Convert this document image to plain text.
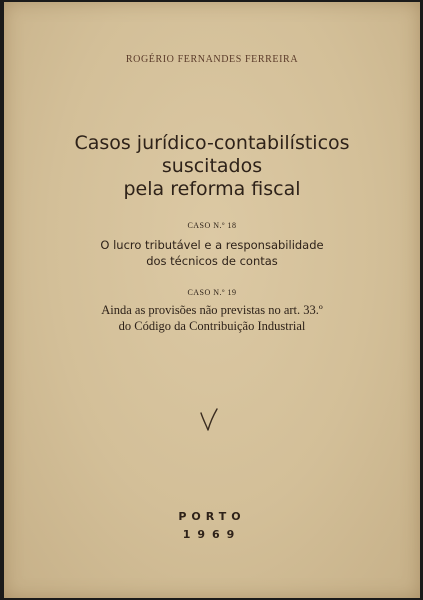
ROGÉRIO FERNANDES FERREIRA
Casos jurídico-contabilísticos
suscitados
pela reforma fiscal
CASO N.º 18
O lucro tributável e a responsabilidade
dos técnicos de contas
CASO N.º 19
Ainda as provisões não previstas no art. 33.º
do Código da Contribuição Industrial
PORTO
1969
